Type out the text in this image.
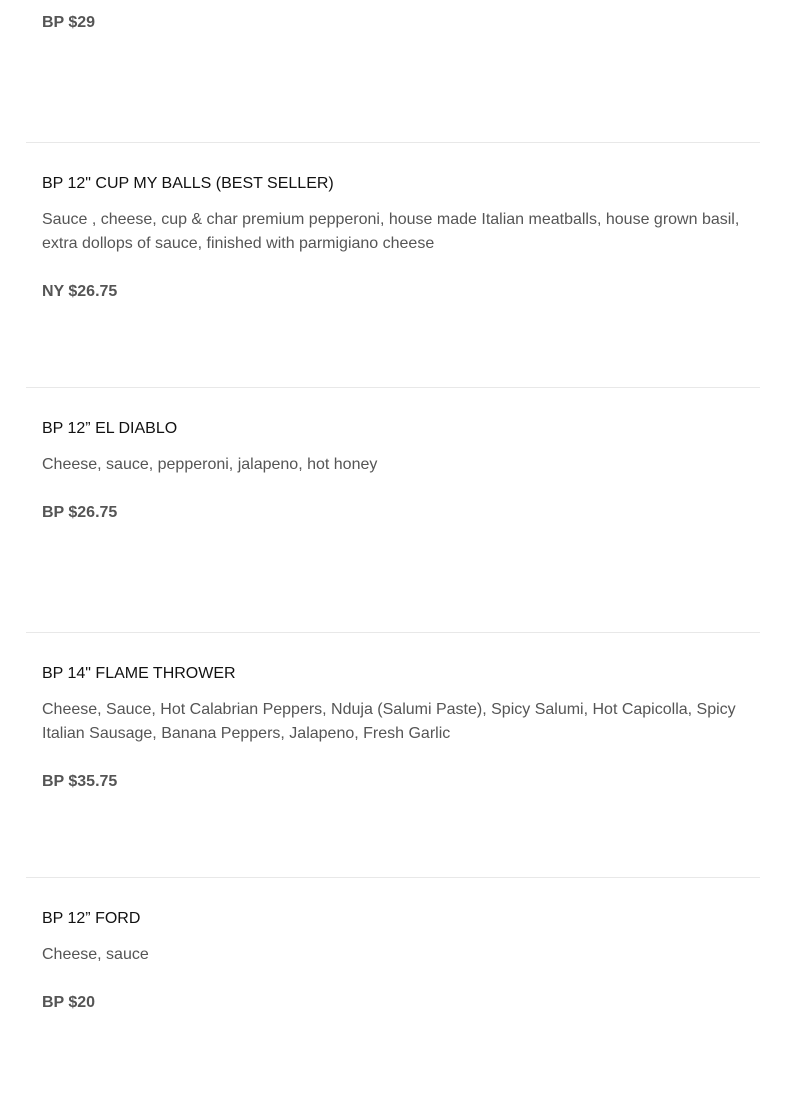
BP $29
BP 12" CUP MY BALLS (BEST SELLER)

Sauce , cheese, cup & char premium pepperoni, house made Italian meatballs, house grown basil, extra dollops of sauce, finished with parmigiano cheese

NY $26.75
BP 12” EL DIABLO

Cheese, sauce, pepperoni, jalapeno, hot honey

BP $26.75
BP 14" FLAME THROWER

Cheese, Sauce, Hot Calabrian Peppers, Nduja (Salumi Paste), Spicy Salumi, Hot Capicolla, Spicy Italian Sausage, Banana Peppers, Jalapeno, Fresh Garlic

BP $35.75
BP 12” FORD

Cheese, sauce

BP $20
